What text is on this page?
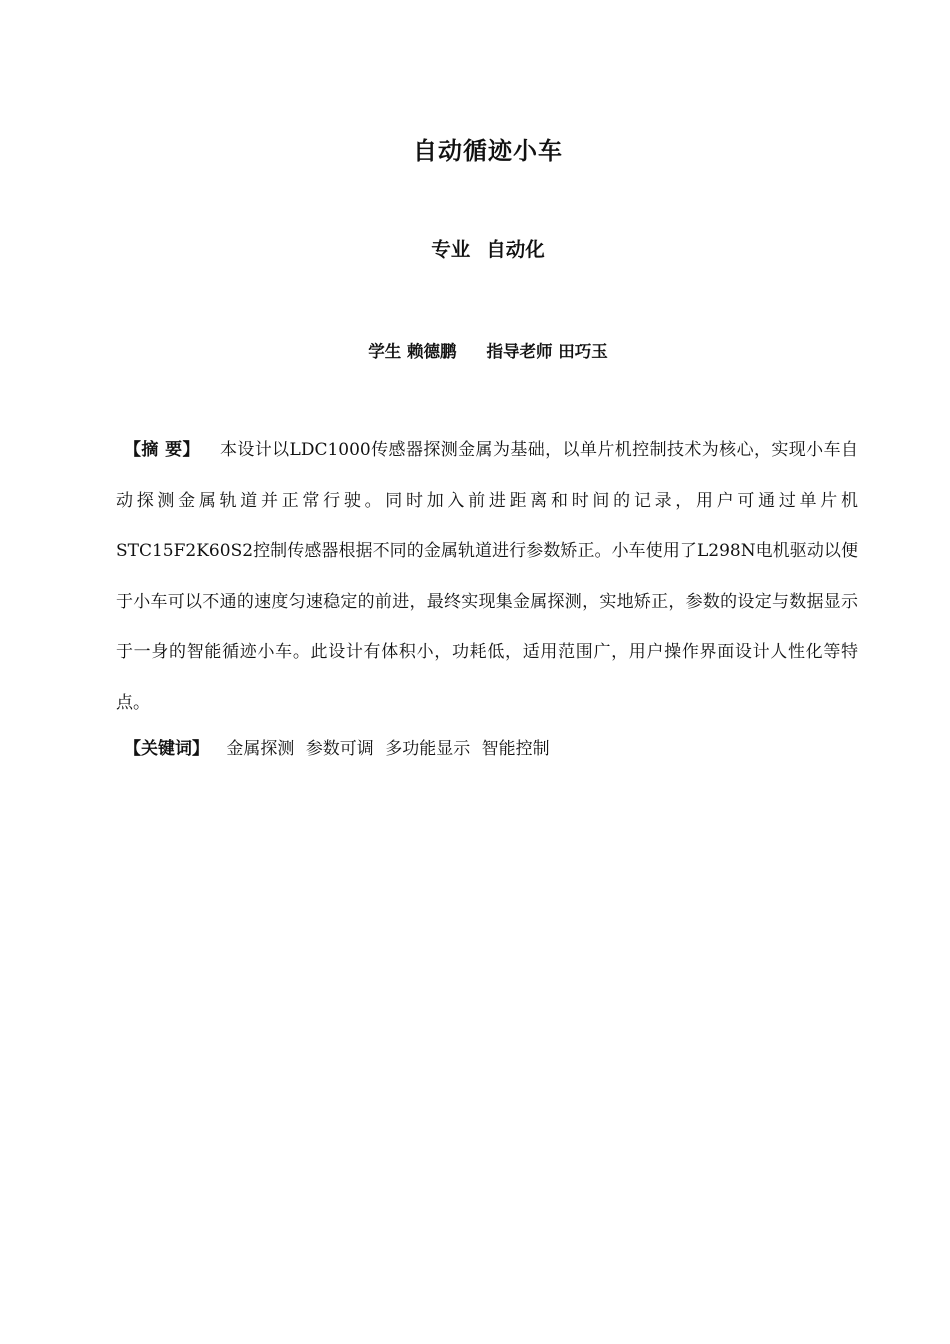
自动循迹小车
专业 自动化
学生 赖德鹏 指导老师 田巧玉
【摘 要】 本设计以LDC1000传感器探测金属为基础，以单片机控制技术为核心，实现小车自动探测金属轨道并正常行驶。同时加入前进距离和时间的记录，用户可通过单片机STC15F2K60S2控制传感器根据不同的金属轨道进行参数矫正。小车使用了L298N电机驱动以便于小车可以不通的速度匀速稳定的前进，最终实现集金属探测，实地矫正，参数的设定与数据显示于一身的智能循迹小车。此设计有体积小，功耗低，适用范围广，用户操作界面设计人性化等特点。
【关键词】 金属探测 参数可调 多功能显示 智能控制
